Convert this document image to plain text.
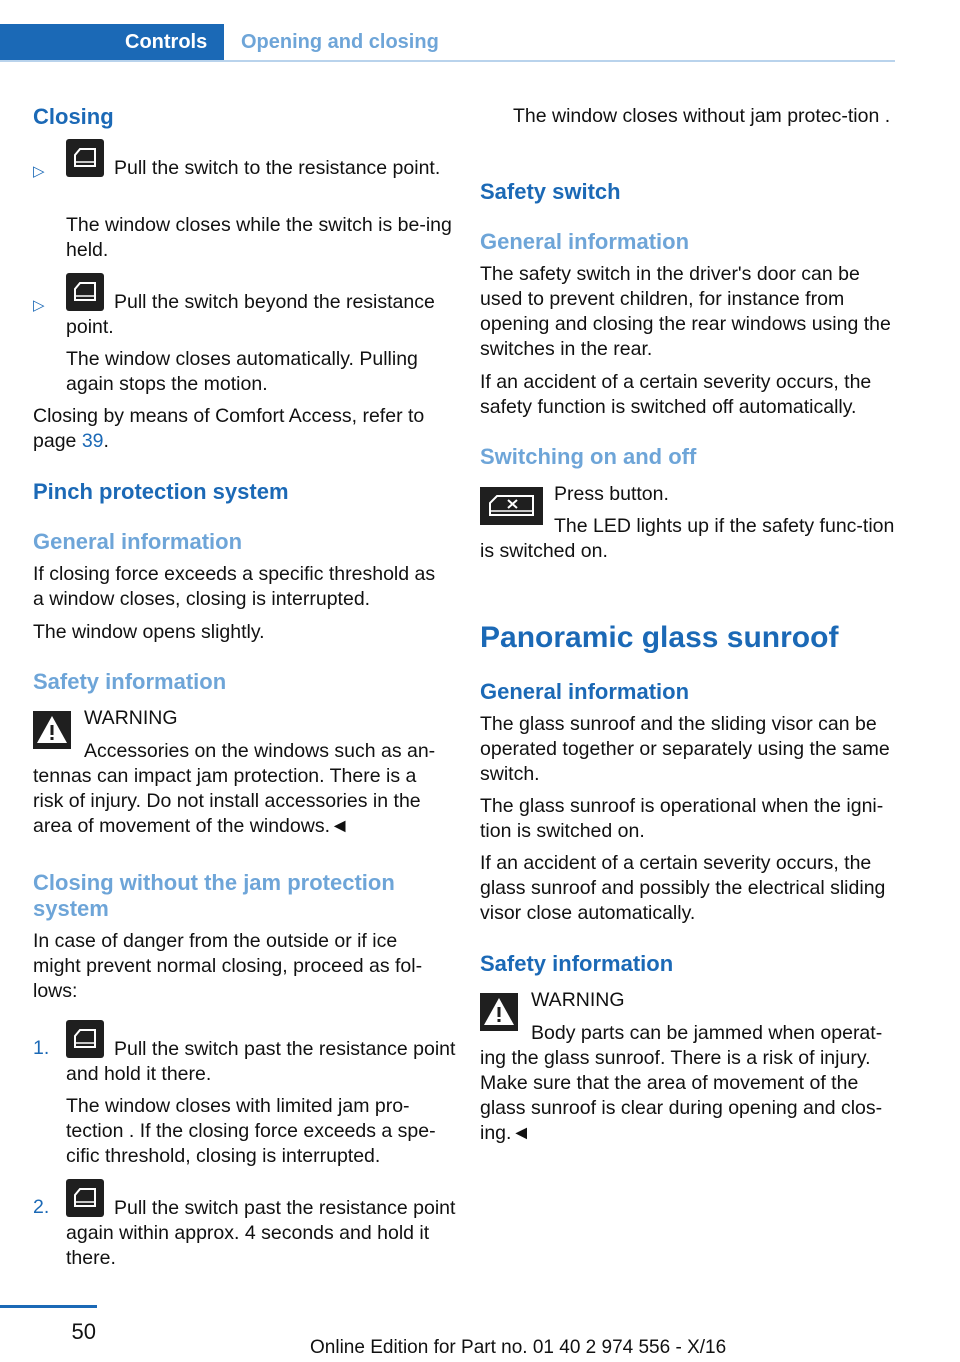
Controls	Opening and closing
Closing
▷	Pull the switch to the resistance point.

The window closes while the switch is be-ing held.

▷	Pull the switch beyond the resistance point.

The window closes automatically. Pulling again stops the motion.

Closing by means of Comfort Access, refer to page 39.

Pinch protection system
General information

If closing force exceeds a specific threshold as a window closes, closing is interrupted.

The window opens slightly.

Safety information

WARNING

Accessories on the windows such as an-tennas can impact jam protection. There is a risk of injury. Do not install accessories in the area of movement of the windows.◄

Closing without the jam protection system

In case of danger from the outside or if ice might prevent normal closing, proceed as fol-lows:

1.	Pull the switch past the resistance point and hold it there.

The window closes with limited jam pro-tection . If the closing force exceeds a spe-cific threshold, closing is interrupted.

2.	Pull the switch past the resistance point again within approx. 4 seconds and hold it there.

The window closes without jam protec-tion .

Safety switch
General information

The safety switch in the driver's door can be used to prevent children, for instance from opening and closing the rear windows using the switches in the rear.

If an accident of a certain severity occurs, the safety function is switched off automatically.

Switching on and off

Press button.

The LED lights up if the safety func-tion is switched on.

Panoramic glass sunroof
General information

The glass sunroof and the sliding visor can be operated together or separately using the same switch.

The glass sunroof is operational when the igni-tion is switched on.

If an accident of a certain severity occurs, the glass sunroof and possibly the electrical sliding visor close automatically.

Safety information

WARNING

Body parts can be jammed when operat-ing the glass sunroof. There is a risk of injury. Make sure that the area of movement of the glass sunroof is clear during opening and clos-ing.◄

50
Online Edition for Part no. 01 40 2 974 556 - X/16
